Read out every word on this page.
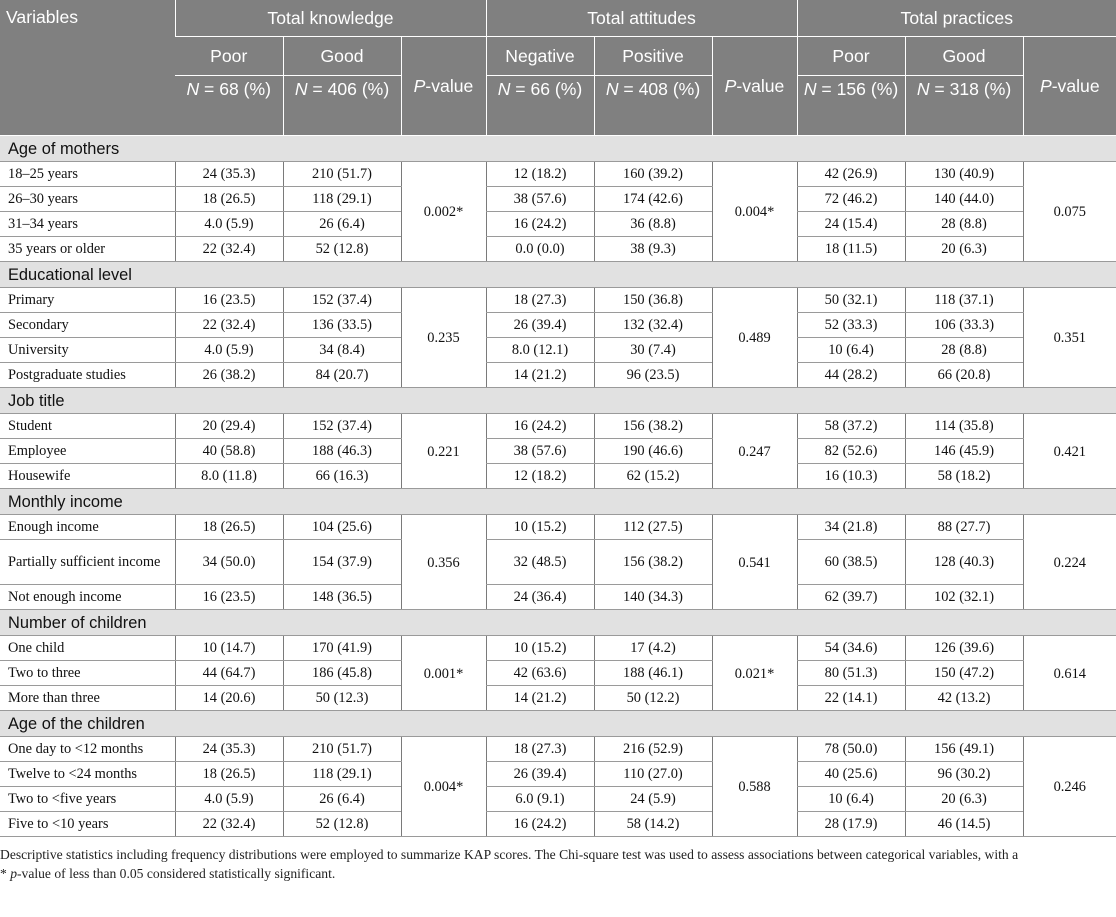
Variables	Total knowledge			Total attitudes			Total practices		
	Poor	Good	P-value	Negative	Positive	P-value	Poor	Good	P-value
	N = 68 (%)	N = 406 (%)		N = 66 (%)	N = 408 (%)		N = 156 (%)	N = 318 (%)	
Age of mothers									
18–25 years	24 (35.3)	210 (51.7)	0.002*	12 (18.2)	160 (39.2)	0.004*	42 (26.9)	130 (40.9)	0.075
26–30 years	18 (26.5)	118 (29.1)		38 (57.6)	174 (42.6)		72 (46.2)	140 (44.0)	
31–34 years	4.0 (5.9)	26 (6.4)		16 (24.2)	36 (8.8)		24 (15.4)	28 (8.8)	
35 years or older	22 (32.4)	52 (12.8)		0.0 (0.0)	38 (9.3)		18 (11.5)	20 (6.3)	
Educational level									
Primary	16 (23.5)	152 (37.4)	0.235	18 (27.3)	150 (36.8)	0.489	50 (32.1)	118 (37.1)	0.351
Secondary	22 (32.4)	136 (33.5)		26 (39.4)	132 (32.4)		52 (33.3)	106 (33.3)	
University	4.0 (5.9)	34 (8.4)		8.0 (12.1)	30 (7.4)		10 (6.4)	28 (8.8)	
Postgraduate studies	26 (38.2)	84 (20.7)		14 (21.2)	96 (23.5)		44 (28.2)	66 (20.8)	
Job title									
Student	20 (29.4)	152 (37.4)	0.221	16 (24.2)	156 (38.2)	0.247	58 (37.2)	114 (35.8)	0.421
Employee	40 (58.8)	188 (46.3)		38 (57.6)	190 (46.6)		82 (52.6)	146 (45.9)	
Housewife	8.0 (11.8)	66 (16.3)		12 (18.2)	62 (15.2)		16 (10.3)	58 (18.2)	
Monthly income									
Enough income	18 (26.5)	104 (25.6)	0.356	10 (15.2)	112 (27.5)	0.541	34 (21.8)	88 (27.7)	0.224
Partially sufficient income	34 (50.0)	154 (37.9)		32 (48.5)	156 (38.2)		60 (38.5)	128 (40.3)	
Not enough income	16 (23.5)	148 (36.5)		24 (36.4)	140 (34.3)		62 (39.7)	102 (32.1)	
Number of children									
One child	10 (14.7)	170 (41.9)	0.001*	10 (15.2)	17 (4.2)	0.021*	54 (34.6)	126 (39.6)	0.614
Two to three	44 (64.7)	186 (45.8)		42 (63.6)	188 (46.1)		80 (51.3)	150 (47.2)	
More than three	14 (20.6)	50 (12.3)		14 (21.2)	50 (12.2)		22 (14.1)	42 (13.2)	
Age of the children									
One day to <12 months	24 (35.3)	210 (51.7)	0.004*	18 (27.3)	216 (52.9)	0.588	78 (50.0)	156 (49.1)	0.246
Twelve to <24 months	18 (26.5)	118 (29.1)		26 (39.4)	110 (27.0)		40 (25.6)	96 (30.2)	
Two to <five years	4.0 (5.9)	26 (6.4)		6.0 (9.1)	24 (5.9)		10 (6.4)	20 (6.3)	
Five to <10 years	22 (32.4)	52 (12.8)		16 (24.2)	58 (14.2)		28 (17.9)	46 (14.5)	
Descriptive statistics including frequency distributions were employed to summarize KAP scores. The Chi-square test was used to assess associations between categorical variables, with a
* p-value of less than 0.05 considered statistically significant.
